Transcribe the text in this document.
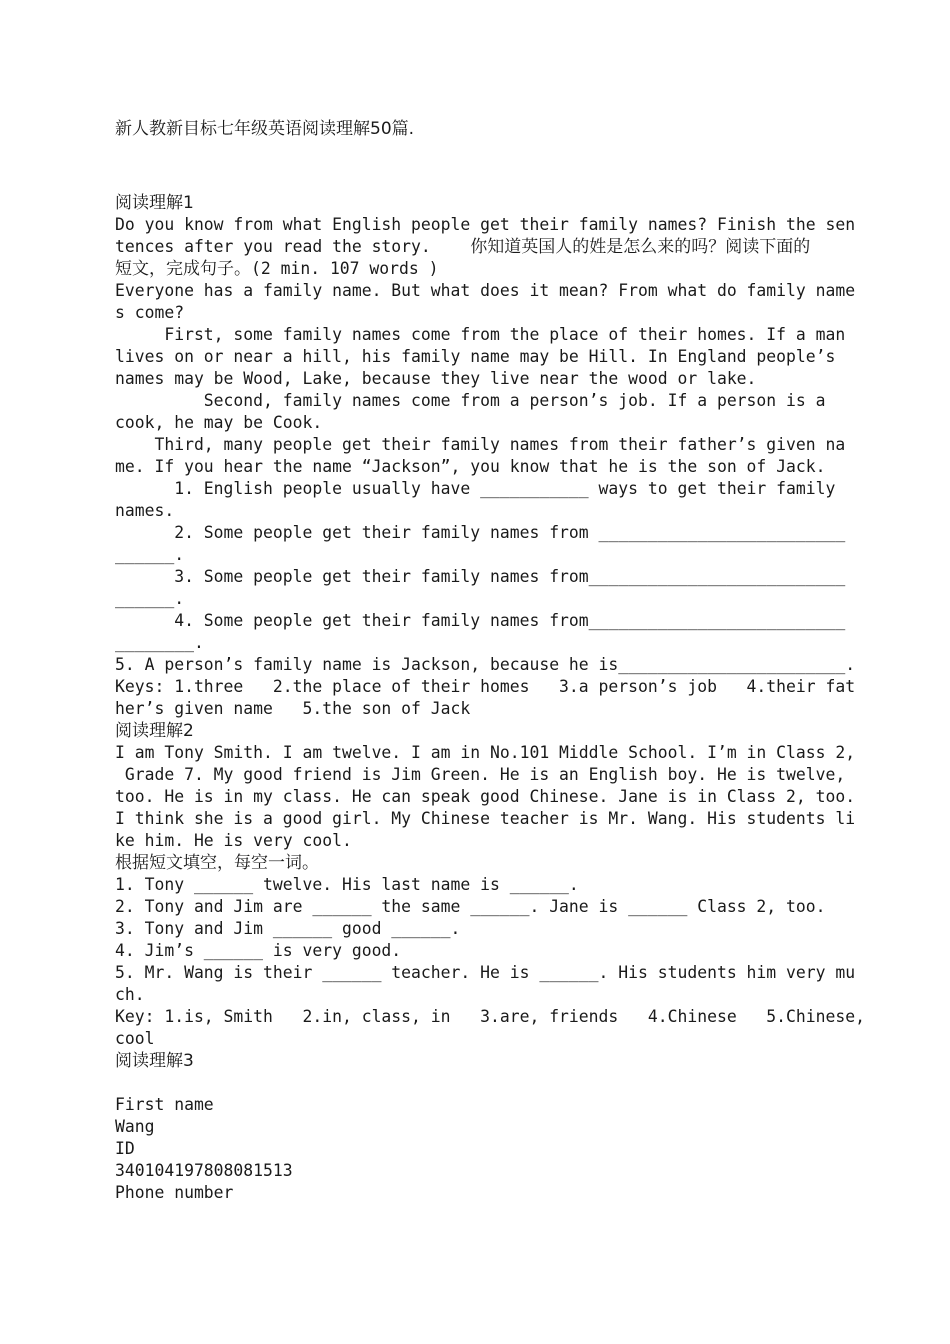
新人教新目标七年级英语阅读理解50篇.
阅读理解1
Do you know from what English people get their family names? Finish the sen
tences after you read the story. 你知道英国人的姓是怎么来的吗？阅读下面的
短文，完成句子。(2 min. 107 words )
Everyone has a family name. But what does it mean? From what do family name
s come?
First, some family names come from the place of their homes. If a man
lives on or near a hill, his family name may be Hill. In England people’s
names may be Wood, Lake, because they live near the wood or lake.
Second, family names come from a person’s job. If a person is a
cook, he may be Cook.
Third, many people get their family names from their father’s given na
me. If you hear the name “Jackson”, you know that he is the son of Jack.
1. English people usually have ___________ ways to get their family
names.
2. Some people get their family names from _________________________
______.
3. Some people get their family names from__________________________
______.
4. Some people get their family names from__________________________
________.
5. A person’s family name is Jackson, because he is_______________________.
Keys: 1.three   2.the place of their homes   3.a person’s job   4.their fat
her’s given name   5.the son of Jack
阅读理解2
I am Tony Smith. I am twelve. I am in No.101 Middle School. I’m in Class 2,
Grade 7. My good friend is Jim Green. He is an English boy. He is twelve,
too. He is in my class. He can speak good Chinese. Jane is in Class 2, too.
I think she is a good girl. My Chinese teacher is Mr. Wang. His students li
ke him. He is very cool.
根据短文填空，每空一词。
1. Tony ______ twelve. His last name is ______.
2. Tony and Jim are ______ the same ______. Jane is ______ Class 2, too.
3. Tony and Jim ______ good ______.
4. Jim’s ______ is very good.
5. Mr. Wang is their ______ teacher. He is ______. His students him very mu
ch.
Key: 1.is, Smith   2.in, class, in   3.are, friends   4.Chinese   5.Chinese,
cool
阅读理解3
First name
Wang
ID
340104197808081513
Phone number
